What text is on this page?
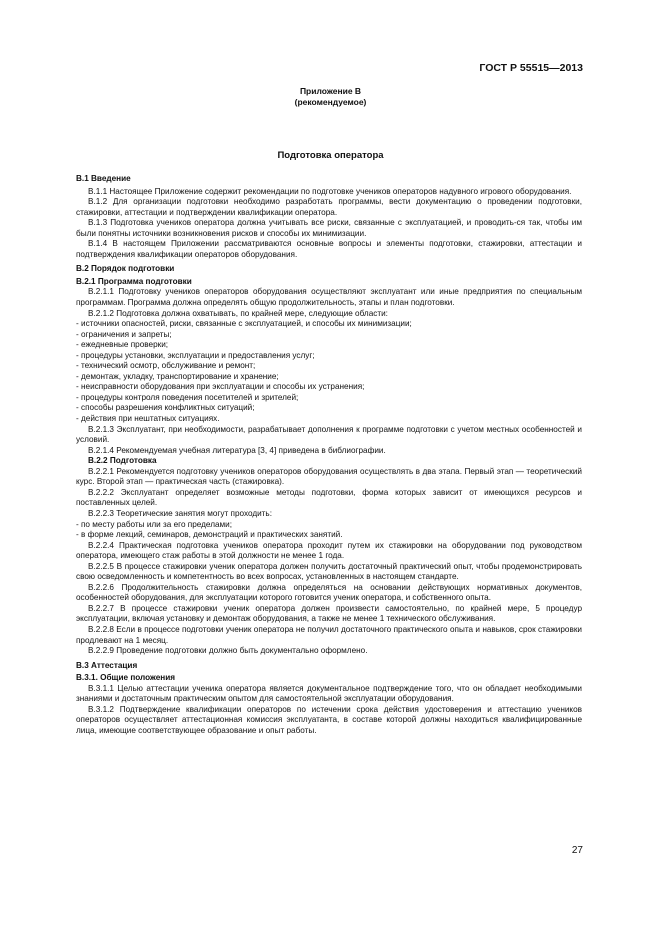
ГОСТ Р 55515—2013
Приложение В
(рекомендуемое)
Подготовка оператора

В.1 Введение

В.1.1 Настоящее Приложение содержит рекомендации по подготовке учеников операторов надувного игрового оборудования.

В.1.2 Для организации подготовки необходимо разработать программы, вести документацию о проведении подготовки, стажировки, аттестации и подтверждении квалификации оператора.

В.1.3 Подготовка учеников оператора должна учитывать все риски, связанные с эксплуатацией, и проводить-ся так, чтобы им были понятны источники возникновения рисков и способы их минимизации.

В.1.4 В настоящем Приложении рассматриваются основные вопросы и элементы подготовки, стажировки, аттестации и подтверждения квалификации операторов оборудования.

В.2 Порядок подготовки

В.2.1 Программа подготовки

В.2.1.1 Подготовку учеников операторов оборудования осуществляют эксплуатант или иные предприятия по специальным программам. Программа должна определять общую продолжительность, этапы и план подготовки.

В.2.1.2 Подготовка должна охватывать, по крайней мере, следующие области:

- источники опасностей, риски, связанные с эксплуатацией, и способы их минимизации;
- ограничения и запреты;
- ежедневные проверки;
- процедуры установки, эксплуатации и предоставления услуг;
- технический осмотр, обслуживание и ремонт;
- демонтаж, укладку, транспортирование и хранение;
- неисправности оборудования при эксплуатации и способы их устранения;
- процедуры контроля поведения посетителей и зрителей;
- способы разрешения конфликтных ситуаций;
- действия при нештатных ситуациях.

В.2.1.3 Эксплуатант, при необходимости, разрабатывает дополнения к программе подготовки с учетом местных особенностей и условий.

В.2.1.4 Рекомендуемая учебная литература [3, 4] приведена в библиографии.

В.2.2 Подготовка

В.2.2.1 Рекомендуется подготовку учеников операторов оборудования осуществлять в два этапа. Первый этап — теоретический курс. Второй этап — практическая часть (стажировка).

В.2.2.2 Эксплуатант определяет возможные методы подготовки, форма которых зависит от имеющихся ресурсов и поставленных целей.

В.2.2.3 Теоретические занятия могут проходить:

- по месту работы или за его пределами;
- в форме лекций, семинаров, демонстраций и практических занятий.

В.2.2.4 Практическая подготовка учеников оператора проходит путем их стажировки на оборудовании под руководством оператора, имеющего стаж работы в этой должности не менее 1 года.

В.2.2.5 В процессе стажировки ученик оператора должен получить достаточный практический опыт, чтобы продемонстрировать свою осведомленность и компетентность во всех вопросах, установленных в настоящем стандарте.

В.2.2.6 Продолжительность стажировки должна определяться на основании действующих нормативных документов, особенностей оборудования, для эксплуатации которого готовится ученик оператора, и собственного опыта.

В.2.2.7 В процессе стажировки ученик оператора должен произвести самостоятельно, по крайней мере, 5 процедур эксплуатации, включая установку и демонтаж оборудования, а также не менее 1 технического обслуживания.

В.2.2.8 Если в процессе подготовки ученик оператора не получил достаточного практического опыта и навыков, срок стажировки продлевают на 1 месяц.

В.2.2.9 Проведение подготовки должно быть документально оформлено.

В.3 Аттестация

В.3.1. Общие положения

В.3.1.1 Целью аттестации ученика оператора является документальное подтверждение того, что он обладает необходимыми знаниями и достаточным практическим опытом для самостоятельной эксплуатации оборудования.

В.3.1.2 Подтверждение квалификации операторов по истечении срока действия удостоверения и аттестацию учеников операторов осуществляет аттестационная комиссия эксплуатанта, в составе которой должны находиться квалифицированные лица, имеющие соответствующее образование и опыт работы.

27
